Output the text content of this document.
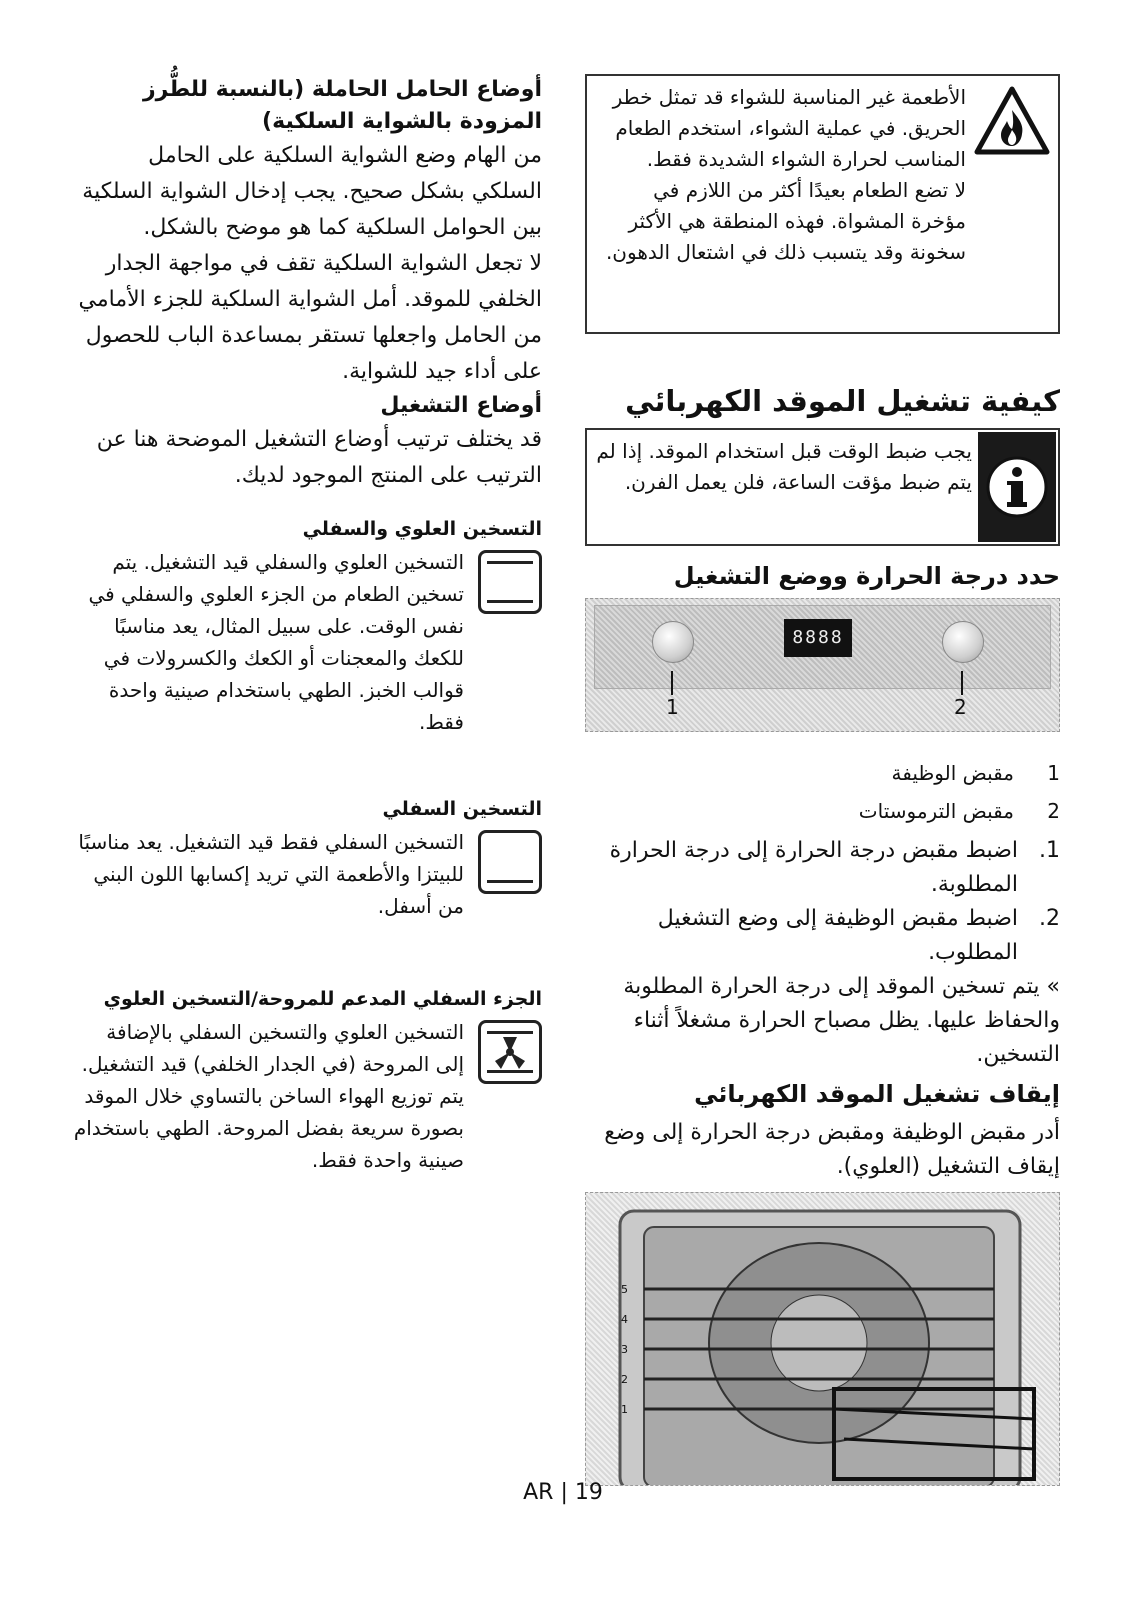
الأطعمة غير المناسبة للشواء قد تمثل خطر الحريق. في عملية الشواء، استخدم الطعام المناسب لحرارة الشواء الشديدة فقط.

لا تضع الطعام بعيدًا أكثر من اللازم في مؤخرة المشواة. فهذه المنطقة هي الأكثر سخونة وقد يتسبب ذلك في اشتعال الدهون.

كيفية تشغيل الموقد الكهربائي
يجب ضبط الوقت قبل استخدام الموقد. إذا لم يتم ضبط مؤقت الساعة، فلن يعمل الفرن.
حدد درجة الحرارة ووضع التشغيل
8888
1	2
1
مقبض الوظيفة
2
مقبض الترموستات
.1
اضبط مقبض درجة الحرارة إلى درجة الحرارة المطلوبة.
.2
اضبط مقبض الوظيفة إلى وضع التشغيل المطلوب.

» يتم تسخين الموقد إلى درجة الحرارة المطلوبة والحفاظ عليها. يظل مصباح الحرارة مشغلاً أثناء التسخين.

إيقاف تشغيل الموقد الكهربائي

أدر مقبض الوظيفة ومقبض درجة الحرارة إلى وضع إيقاف التشغيل (العلوي).

5
4
3
2
1

أوضاع الحامل الحاملة (بالنسبة للطُّرز المزودة بالشواية السلكية)

من الهام وضع الشواية السلكية على الحامل السلكي بشكل صحيح. يجب إدخال الشواية السلكية بين الحوامل السلكية كما هو موضح بالشكل.

لا تجعل الشواية السلكية تقف في مواجهة الجدار الخلفي للموقد. أمل الشواية السلكية للجزء الأمامي من الحامل واجعلها تستقر بمساعدة الباب للحصول على أداء جيد للشواية.

أوضاع التشغيل

قد يختلف ترتيب أوضاع التشغيل الموضحة هنا عن الترتيب على المنتج الموجود لديك.

التسخين العلوي والسفلي

التسخين العلوي والسفلي قيد التشغيل. يتم تسخين الطعام من الجزء العلوي والسفلي في نفس الوقت. على سبيل المثال، يعد مناسبًا للكعك والمعجنات أو الكعك والكسرولات في قوالب الخبز. الطهي باستخدام صينية واحدة فقط.

التسخين السفلي

التسخين السفلي فقط قيد التشغيل. يعد مناسبًا للبيتزا والأطعمة التي تريد إكسابها اللون البني من أسفل.

الجزء السفلي المدعم للمروحة/التسخين العلوي

التسخين العلوي والتسخين السفلي بالإضافة إلى المروحة (في الجدار الخلفي) قيد التشغيل. يتم توزيع الهواء الساخن بالتساوي خلال الموقد بصورة سريعة بفضل المروحة. الطهي باستخدام صينية واحدة فقط.
AR | 19
